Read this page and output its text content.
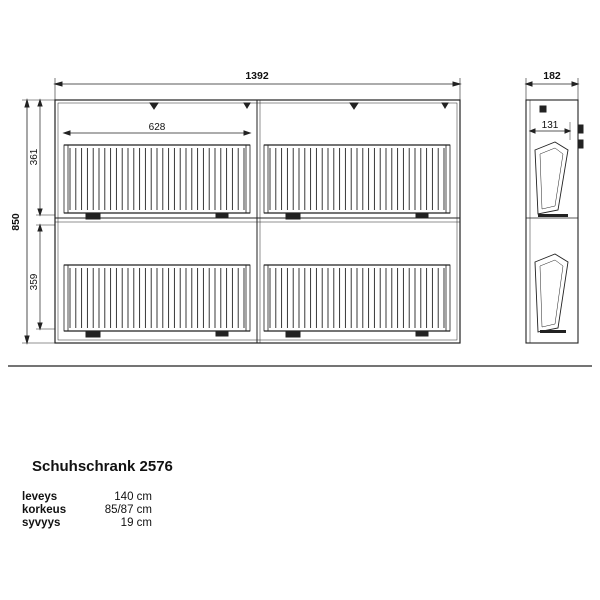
1392
850
361
359
628
182
131
Schuhschrank 2576
leveys	140 cm
korkeus	85/87 cm
syvyys	19 cm
